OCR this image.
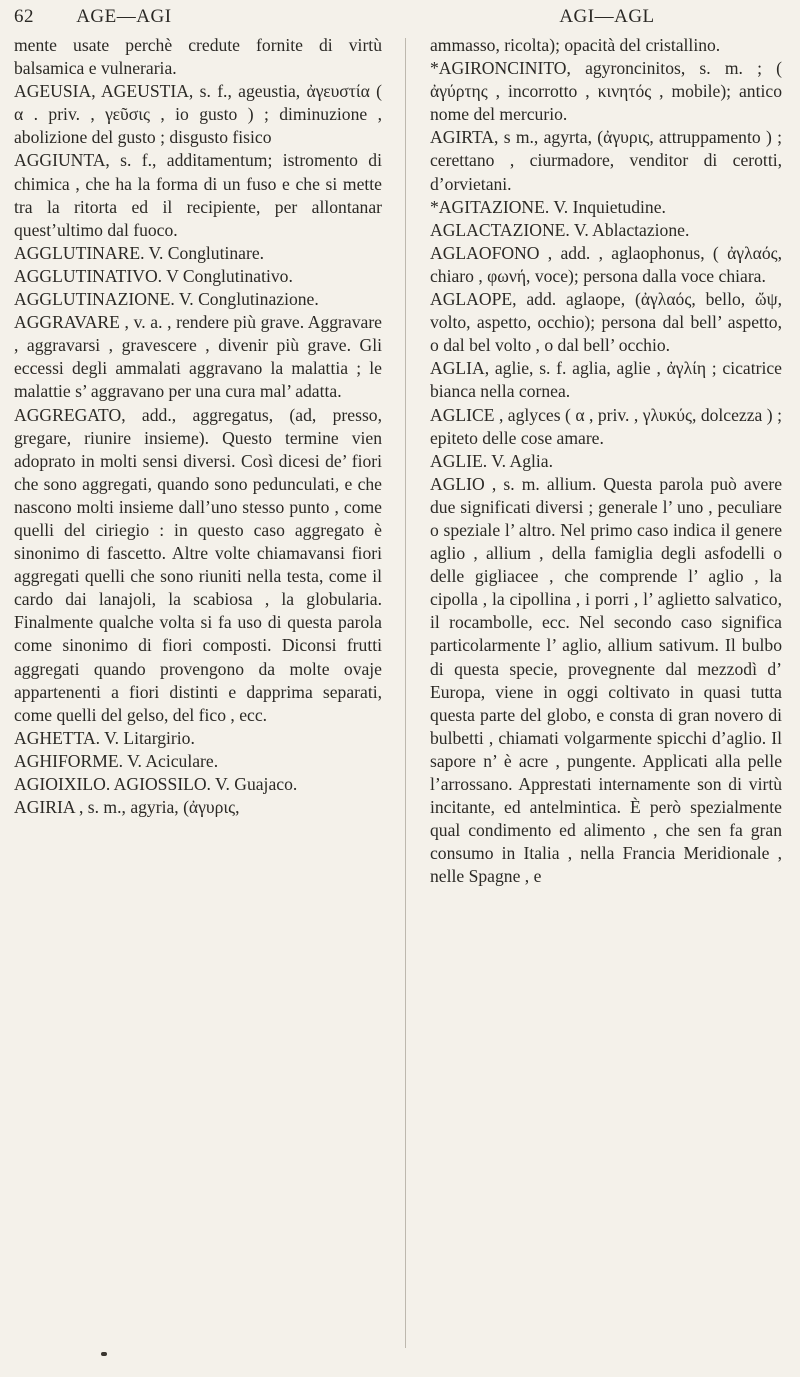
62 AGE—AGI	AGI—AGL

mente usate perchè credute fornite di virtù balsamica e vulneraria.

AGEUSIA, AGEUSTIA, s. f., ageustia, ἀγευστία ( α . priv. , γεῦσις , io gusto ) ; diminuzione , abolizione del gusto ; disgusto fisico

AGGIUNTA, s. f., additamentum; istromento di chimica , che ha la forma di un fuso e che si mette tra la ritorta ed il recipiente, per allontanar quest’ultimo dal fuoco.

AGGLUTINARE. V. Conglutinare.

AGGLUTINATIVO. V Conglutinativo.

AGGLUTINAZIONE. V. Conglutinazione.

AGGRAVARE , v. a. , rendere più grave. Aggravare , aggravarsi , gravescere , divenir più grave. Gli eccessi degli ammalati aggravano la malattia ; le malattie s’ aggravano per una cura mal’ adatta.

AGGREGATO, add., aggregatus, (ad, presso, gregare, riunire insieme). Questo termine vien adoprato in molti sensi diversi. Così dicesi de’ fiori che sono aggregati, quando sono pedunculati, e che nascono molti insieme dall’uno stesso punto , come quelli del ciriegio : in questo caso aggregato è sinonimo di fascetto. Altre volte chiamavansi fiori aggregati quelli che sono riuniti nella testa, come il cardo dai lanajoli, la scabiosa , la globularia. Finalmente qualche volta si fa uso di questa parola come sinonimo di fiori composti. Diconsi frutti aggregati quando provengono da molte ovaje appartenenti a fiori distinti e dapprima separati, come quelli del gelso, del fico , ecc.

AGHETTA. V. Litargirio.

AGHIFORME. V. Aciculare.

AGIOIXILO. AGIOSSILO. V. Guajaco.

AGIRIA , s. m., agyria, (ἀγυρις,

ammasso, ricolta); opacità del cristallino.

*AGIRONCINITO, agyroncinitos, s. m. ; ( ἀγύρτης , incorrotto , κινητός , mobile); antico nome del mercurio.

AGIRTA, s m., agyrta, (ἀγυρις, attruppamento ) ; cerettano , ciurmadore, venditor di cerotti, d’orvietani.

*AGITAZIONE. V. Inquietudine.

AGLACTAZIONE. V. Ablactazione.

AGLAOFONO , add. , aglaophonus, ( ἀγλαός, chiaro , φωνή, voce); persona dalla voce chiara.

AGLAOPE, add. aglaope, (ἀγλαός, bello, ὤψ, volto, aspetto, occhio); persona dal bell’ aspetto, o dal bel volto , o dal bell’ occhio.

AGLIA, aglie, s. f. aglia, aglie , ἀγλίη ; cicatrice bianca nella cornea.

AGLICE , aglyces ( α , priv. , γλυκύς, dolcezza ) ; epiteto delle cose amare.

AGLIE. V. Aglia.

AGLIO , s. m. allium. Questa parola può avere due significati diversi ; generale l’ uno , peculiare o speziale l’ altro. Nel primo caso indica il genere aglio , allium , della famiglia degli asfodelli o delle gigliacee , che comprende l’ aglio , la cipolla , la cipollina , i porri , l’ aglietto salvatico, il rocambolle, ecc. Nel secondo caso significa particolarmente l’ aglio, allium sativum. Il bulbo di questa specie, provegnente dal mezzodì d’ Europa, viene in oggi coltivato in quasi tutta questa parte del globo, e consta di gran novero di bulbetti , chiamati volgarmente spicchi d’aglio. Il sapore n’ è acre , pungente. Applicati alla pelle l’arrossano. Apprestati internamente son di virtù incitante, ed antelmintica. È però spezialmente qual condimento ed alimento , che sen fa gran consumo in Italia , nella Francia Meridionale , nelle Spagne , e
